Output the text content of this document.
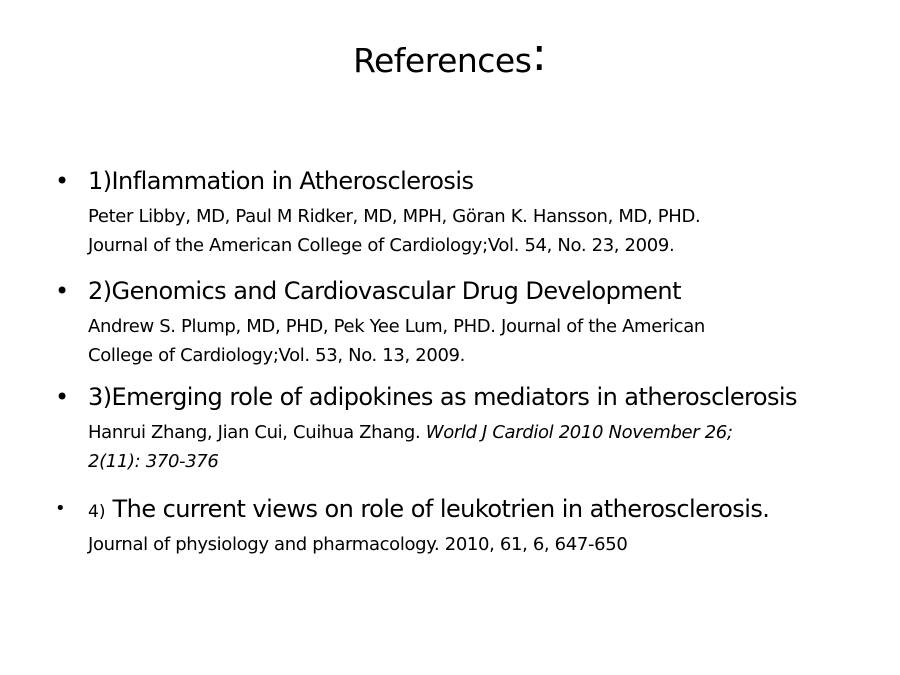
References:
• 1)Inflammation in Atherosclerosis

Peter Libby, MD, Paul M Ridker, MD, MPH, Göran K. Hansson, MD, PHD.
Journal of the American College of Cardiology;Vol. 54, No. 23, 2009.

• 2)Genomics and Cardiovascular Drug Development

Andrew S. Plump, MD, PHD, Pek Yee Lum, PHD. Journal of the American
College of Cardiology;Vol. 53, No. 13, 2009.

• 3)Emerging role of adipokines as mediators in atherosclerosis

Hanrui Zhang, Jian Cui, Cuihua Zhang. World J Cardiol 2010 November 26;
2(11): 370-376

• 4) The current views on role of leukotrien in atherosclerosis.

Journal of physiology and pharmacology. 2010, 61, 6, 647-650
